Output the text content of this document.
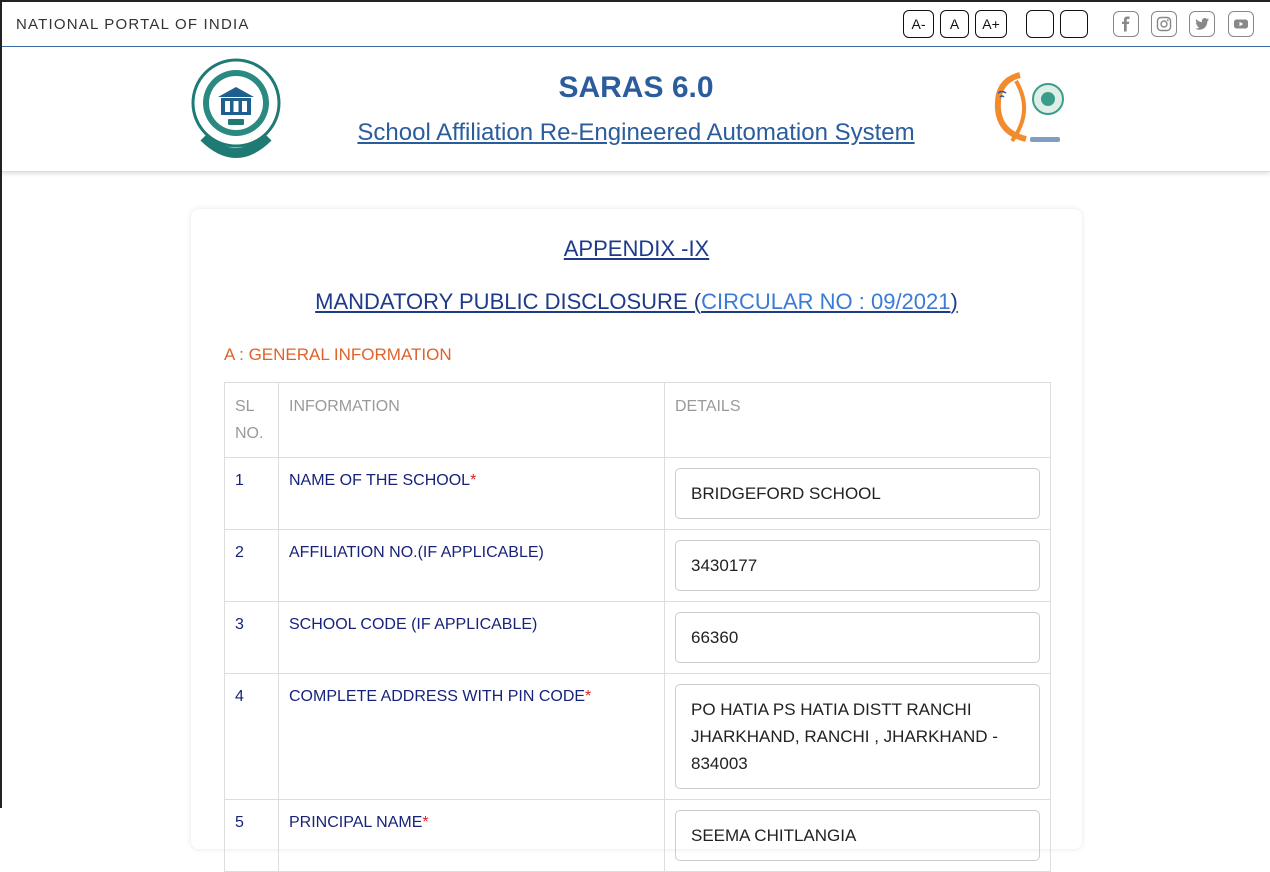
NATIONAL PORTAL OF INDIA	A-	A	A+
SARAS 6.0
School Affiliation Re-Engineered Automation System
APPENDIX -IX
MANDATORY PUBLIC DISCLOSURE (CIRCULAR NO : 09/2021)
A : GENERAL INFORMATION
SL NO.	INFORMATION	DETAILS
1	NAME OF THE SCHOOL*	BRIDGEFORD SCHOOL

2	AFFILIATION NO.(IF APPLICABLE)	3430177

3	SCHOOL CODE (IF APPLICABLE)	66360

4	COMPLETE ADDRESS WITH PIN CODE*	PO HATIA PS HATIA DISTT RANCHI JHARKHAND, RANCHI , JHARKHAND - 834003

5	PRINCIPAL NAME*	SEEMA CHITLANGIA
